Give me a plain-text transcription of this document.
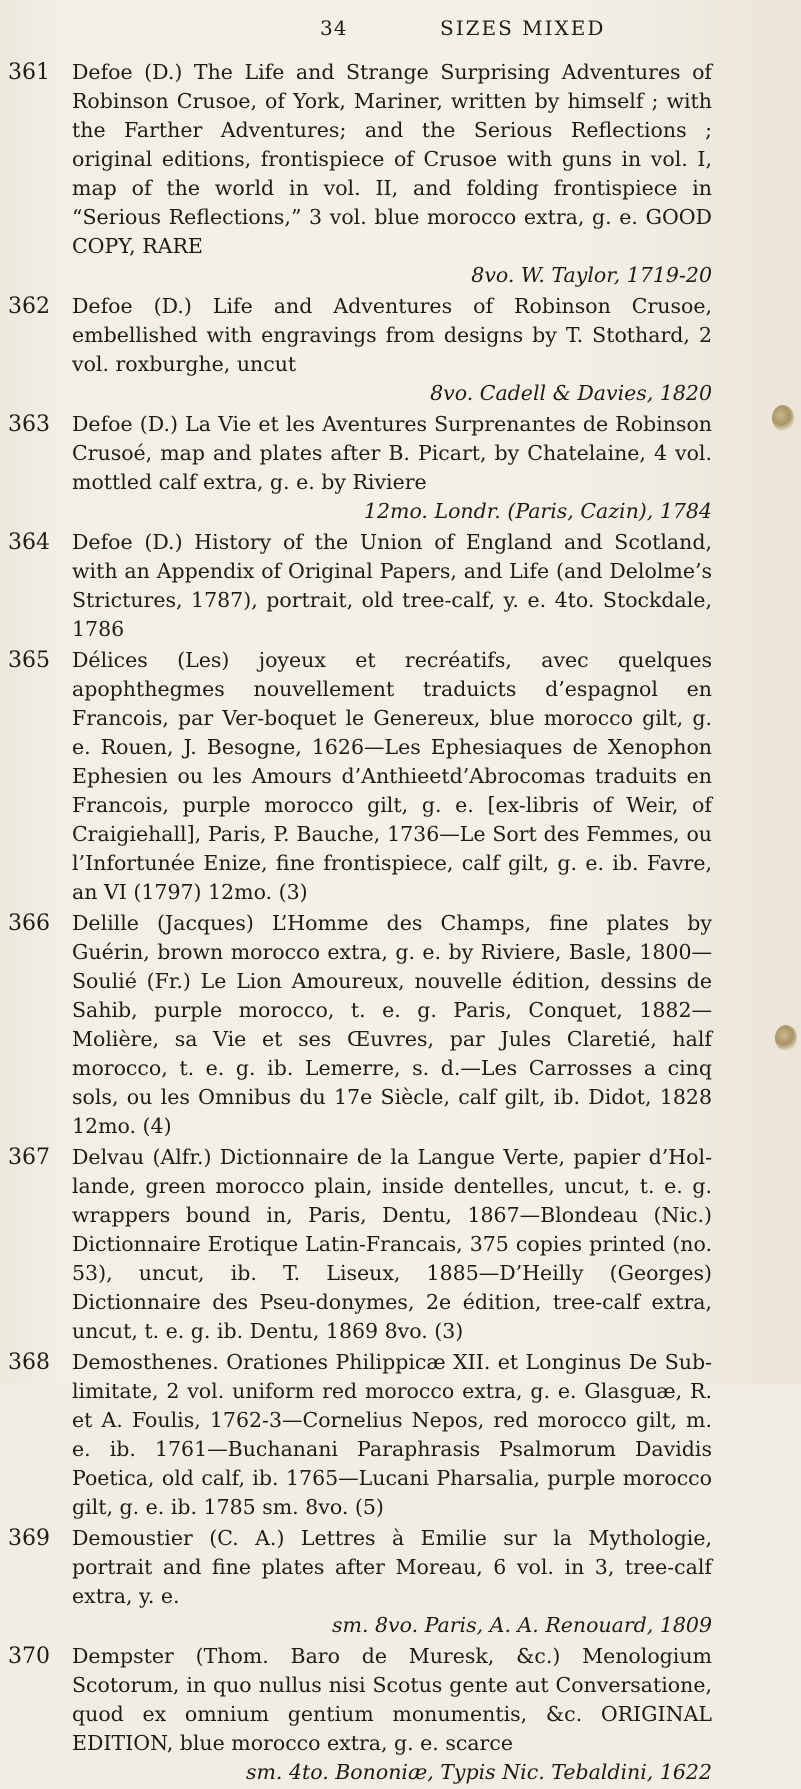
34	SIZES MIXED
361 Defoe (D.) The Life and Strange Surprising Adventures of Robinson Crusoe, of York, Mariner, written by himself ; with the Farther Adventures; and the Serious Reflections ; original editions, frontispiece of Crusoe with guns in vol. I, map of the world in vol. II, and folding frontispiece in “Serious Reflections,” 3 vol. blue morocco extra, g. e. GOOD COPY, RARE
8vo. W. Taylor, 1719-20
362 Defoe (D.) Life and Adventures of Robinson Crusoe, embellished with engravings from designs by T. Stothard, 2 vol. roxburghe, uncut
8vo. Cadell & Davies, 1820
363 Defoe (D.) La Vie et les Aventures Surprenantes de Robinson Crusoé, map and plates after B. Picart, by Chatelaine, 4 vol. mottled calf extra, g. e. by Riviere
12mo. Londr. (Paris, Cazin), 1784
364 Defoe (D.) History of the Union of England and Scotland, with an Appendix of Original Papers, and Life (and Delolme’s Strictures, 1787), portrait, old tree-calf, y. e. 4to. Stockdale, 1786
365 Délices (Les) joyeux et recréatifs, avec quelques apophthegmes nouvellement traduicts d’espagnol en Francois, par Ver-boquet le Genereux, blue morocco gilt, g. e. Rouen, J. Besogne, 1626—Les Ephesiaques de Xenophon Ephesien ou les Amours d’Anthieetd’Abrocomas traduits en Francois, purple morocco gilt, g. e. [ex-libris of Weir, of Craigiehall], Paris, P. Bauche, 1736—Le Sort des Femmes, ou l’Infortunée Enize, fine frontispiece, calf gilt, g. e. ib. Favre, an VI (1797) 12mo. (3)
366 Delille (Jacques) L’Homme des Champs, fine plates by Guérin, brown morocco extra, g. e. by Riviere, Basle, 1800—Soulié (Fr.) Le Lion Amoureux, nouvelle édition, dessins de Sahib, purple morocco, t. e. g. Paris, Conquet, 1882—Molière, sa Vie et ses Œuvres, par Jules Claretié, half morocco, t. e. g. ib. Lemerre, s. d.—Les Carrosses a cinq sols, ou les Omnibus du 17e Siècle, calf gilt, ib. Didot, 1828 12mo. (4)
367 Delvau (Alfr.) Dictionnaire de la Langue Verte, papier d’Hol-lande, green morocco plain, inside dentelles, uncut, t. e. g. wrappers bound in, Paris, Dentu, 1867—Blondeau (Nic.) Dictionnaire Erotique Latin-Francais, 375 copies printed (no. 53), uncut, ib. T. Liseux, 1885—D’Heilly (Georges) Dictionnaire des Pseu-donymes, 2e édition, tree-calf extra, uncut, t. e. g. ib. Dentu, 1869 8vo. (3)
368 Demosthenes. Orationes Philippicæ XII. et Longinus De Sub-limitate, 2 vol. uniform red morocco extra, g. e. Glasguæ, R. et A. Foulis, 1762-3—Cornelius Nepos, red morocco gilt, m. e. ib. 1761—Buchanani Paraphrasis Psalmorum Davidis Poetica, old calf, ib. 1765—Lucani Pharsalia, purple morocco gilt, g. e. ib. 1785 sm. 8vo. (5)
369 Demoustier (C. A.) Lettres à Emilie sur la Mythologie, portrait and fine plates after Moreau, 6 vol. in 3, tree-calf extra, y. e.
sm. 8vo. Paris, A. A. Renouard, 1809
370 Dempster (Thom. Baro de Muresk, &c.) Menologium Scotorum, in quo nullus nisi Scotus gente aut Conversatione, quod ex omnium gentium monumentis, &c. ORIGINAL EDITION, blue morocco extra, g. e. scarce
sm. 4to. Bononiæ, Typis Nic. Tebaldini, 1622
